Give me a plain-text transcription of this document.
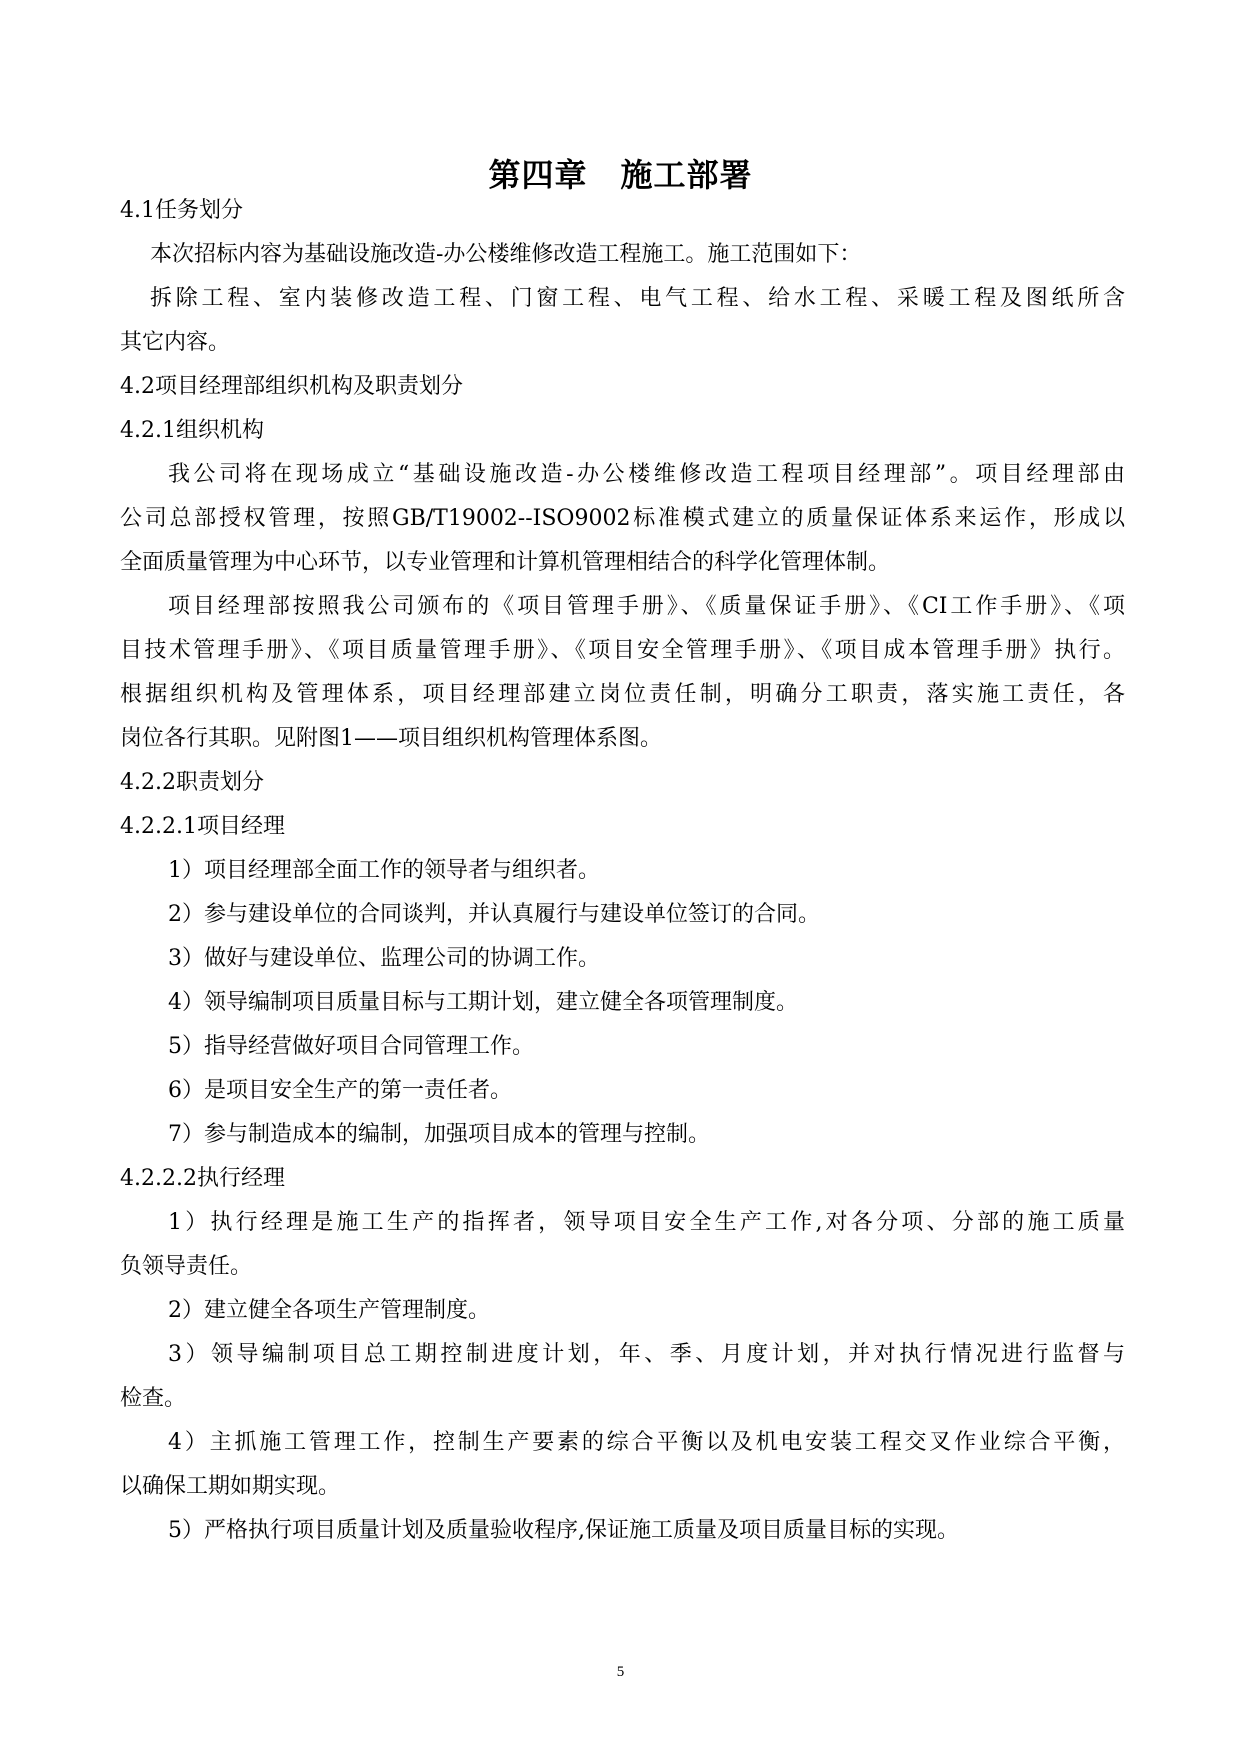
第四章　施工部署
4.1任务划分
本次招标内容为基础设施改造-办公楼维修改造工程施工。施工范围如下：
拆除工程、室内装修改造工程、门窗工程、电气工程、给水工程、采暖工程及图纸所含
其它内容。
4.2项目经理部组织机构及职责划分
4.2.1组织机构
我公司将在现场成立“基础设施改造-办公楼维修改造工程项目经理部”。项目经理部由
公司总部授权管理，按照GB/T19002--ISO9002标准模式建立的质量保证体系来运作，形成以
全面质量管理为中心环节，以专业管理和计算机管理相结合的科学化管理体制。
项目经理部按照我公司颁布的《项目管理手册》、《质量保证手册》、《CI工作手册》、《项
目技术管理手册》、《项目质量管理手册》、《项目安全管理手册》、《项目成本管理手册》执行。
根据组织机构及管理体系，项目经理部建立岗位责任制，明确分工职责，落实施工责任，各
岗位各行其职。见附图1——项目组织机构管理体系图。
4.2.2职责划分
4.2.2.1项目经理
1）项目经理部全面工作的领导者与组织者。
2）参与建设单位的合同谈判，并认真履行与建设单位签订的合同。
3）做好与建设单位、监理公司的协调工作。
4）领导编制项目质量目标与工期计划，建立健全各项管理制度。
5）指导经营做好项目合同管理工作。
6）是项目安全生产的第一责任者。
7）参与制造成本的编制，加强项目成本的管理与控制。
4.2.2.2执行经理
1）执行经理是施工生产的指挥者，领导项目安全生产工作,对各分项、分部的施工质量
负领导责任。
2）建立健全各项生产管理制度。
3）领导编制项目总工期控制进度计划，年、季、月度计划，并对执行情况进行监督与
检查。
4）主抓施工管理工作，控制生产要素的综合平衡以及机电安装工程交叉作业综合平衡，
以确保工期如期实现。
5）严格执行项目质量计划及质量验收程序,保证施工质量及项目质量目标的实现。
5
